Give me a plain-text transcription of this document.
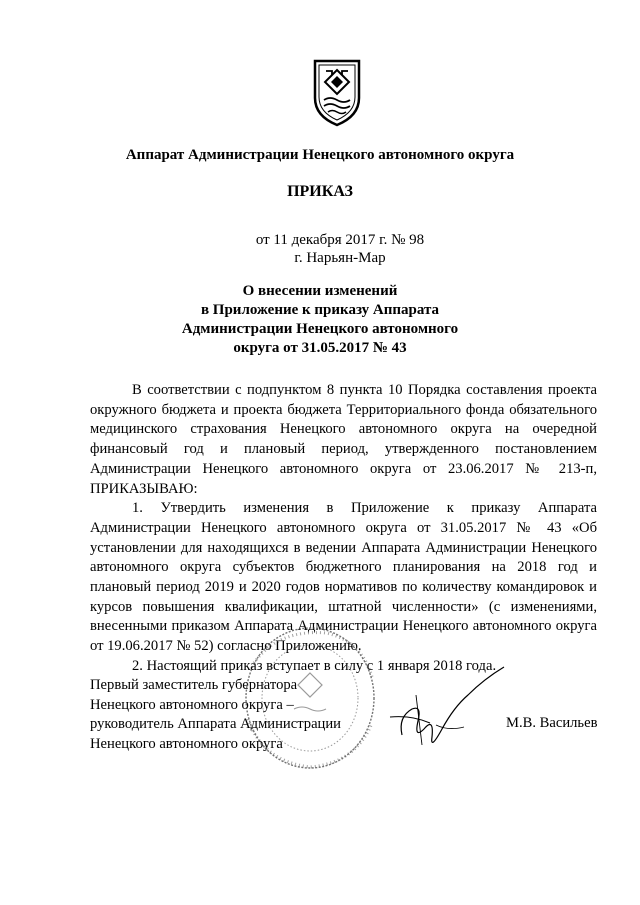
Аппарат Администрации Ненецкого автономного округа
ПРИКАЗ
от 11 декабря 2017 г. № 98
г. Нарьян-Мар
О внесении изменений
в Приложение к приказу Аппарата
Администрации Ненецкого автономного
округа от 31.05.2017 № 43

В соответствии с подпунктом 8 пункта 10 Порядка составления проекта окружного бюджета и проекта бюджета Территориального фонда обязательного медицинского страхования Ненецкого автономного округа на очередной финансовый год и плановый период, утвержденного постановлением Администрации Ненецкого автономного округа от 23.06.2017 № 213-п, ПРИКАЗЫВАЮ:

1. Утвердить изменения в Приложение к приказу Аппарата Администрации Ненецкого автономного округа от 31.05.2017 № 43 «Об установлении для находящихся в ведении Аппарата Администрации Ненецкого автономного округа субъектов бюджетного планирования на 2018 год и плановый период 2019 и 2020 годов нормативов по количеству командировок и курсов повышения квалификации, штатной численности» (с изменениями, внесенными приказом Аппарата Администрации Ненецкого автономного округа от 19.06.2017 № 52) согласно Приложению.

2. Настоящий приказ вступает в силу с 1 января 2018 года.

Первый заместитель губернатора
Ненецкого автономного округа –
руководитель Аппарата Администрации
Ненецкого автономного округа
М.В. Васильев
